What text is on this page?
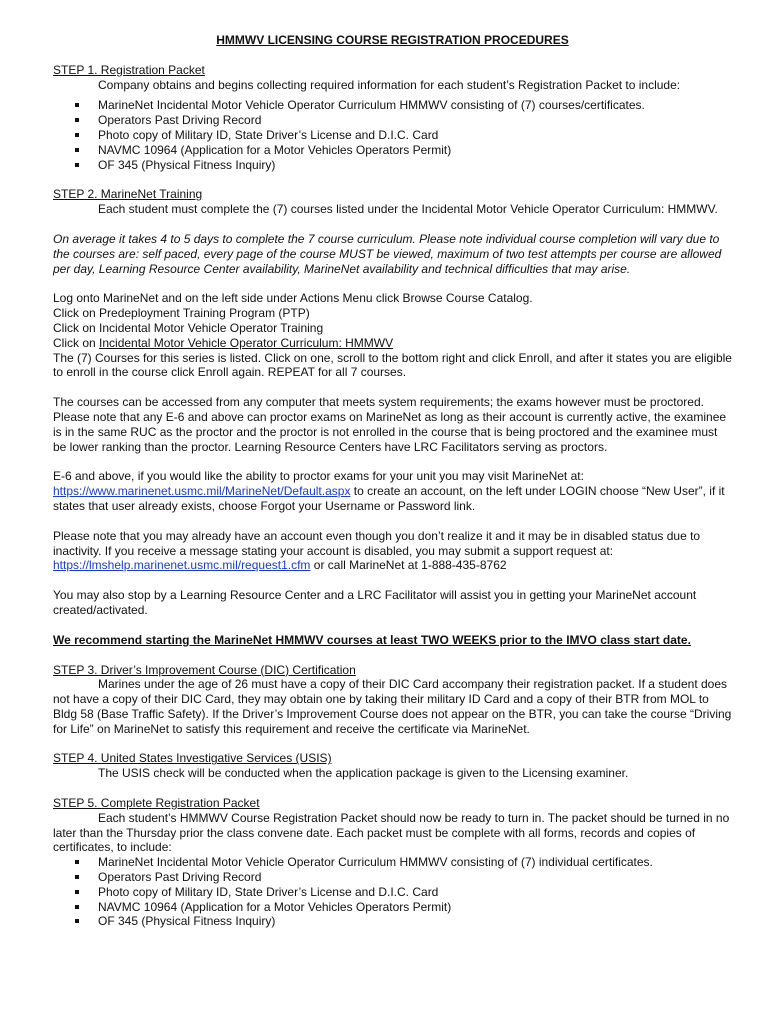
HMMWV LICENSING COURSE REGISTRATION PROCEDURES
STEP 1. Registration Packet

Company obtains and begins collecting required information for each student’s Registration Packet to include:

MarineNet Incidental Motor Vehicle Operator Curriculum HMMWV consisting of (7) courses/certificates.
Operators Past Driving Record
Photo copy of Military ID, State Driver’s License and D.I.C. Card
NAVMC 10964 (Application for a Motor Vehicles Operators Permit)
OF 345 (Physical Fitness Inquiry)
STEP 2. MarineNet Training

Each student must complete the (7) courses listed under the Incidental Motor Vehicle Operator Curriculum: HMMWV.

On average it takes 4 to 5 days to complete the 7 course curriculum. Please note individual course completion will vary due to the courses are: self paced, every page of the course MUST be viewed, maximum of two test attempts per course are allowed per day, Learning Resource Center availability, MarineNet availability and technical difficulties that may arise.

Log onto MarineNet and on the left side under Actions Menu click Browse Course Catalog.

Click on Predeployment Training Program (PTP)

Click on Incidental Motor Vehicle Operator Training

Click on Incidental Motor Vehicle Operator Curriculum: HMMWV

The (7) Courses for this series is listed. Click on one, scroll to the bottom right and click Enroll, and after it states you are eligible to enroll in the course click Enroll again. REPEAT for all 7 courses.

The courses can be accessed from any computer that meets system requirements; the exams however must be proctored. Please note that any E-6 and above can proctor exams on MarineNet as long as their account is currently active, the examinee is in the same RUC as the proctor and the proctor is not enrolled in the course that is being proctored and the examinee must be lower ranking than the proctor. Learning Resource Centers have LRC Facilitators serving as proctors.

E-6 and above, if you would like the ability to proctor exams for your unit you may visit MarineNet at:
https://www.marinenet.usmc.mil/MarineNet/Default.aspx to create an account, on the left under LOGIN choose “New User”, if it states that user already exists, choose Forgot your Username or Password link.

Please note that you may already have an account even though you don’t realize it and it may be in disabled status due to inactivity. If you receive a message stating your account is disabled, you may submit a support request at:
https://lmshelp.marinenet.usmc.mil/request1.cfm or call MarineNet at 1-888-435-8762

You may also stop by a Learning Resource Center and a LRC Facilitator will assist you in getting your MarineNet account created/activated.

We recommend starting the MarineNet HMMWV courses at least TWO WEEKS prior to the IMVO class start date.

STEP 3. Driver’s Improvement Course (DIC) Certification

Marines under the age of 26 must have a copy of their DIC Card accompany their registration packet. If a student does not have a copy of their DIC Card, they may obtain one by taking their military ID Card and a copy of their BTR from MOL to Bldg 58 (Base Traffic Safety). If the Driver’s Improvement Course does not appear on the BTR, you can take the course “Driving for Life” on MarineNet to satisfy this requirement and receive the certificate via MarineNet.

STEP 4. United States Investigative Services (USIS)

The USIS check will be conducted when the application package is given to the Licensing examiner.

STEP 5. Complete Registration Packet

Each student’s HMMWV Course Registration Packet should now be ready to turn in. The packet should be turned in no later than the Thursday prior the class convene date. Each packet must be complete with all forms, records and copies of certificates, to include:

MarineNet Incidental Motor Vehicle Operator Curriculum HMMWV consisting of (7) individual certificates.
Operators Past Driving Record
Photo copy of Military ID, State Driver’s License and D.I.C. Card
NAVMC 10964 (Application for a Motor Vehicles Operators Permit)
OF 345 (Physical Fitness Inquiry)
